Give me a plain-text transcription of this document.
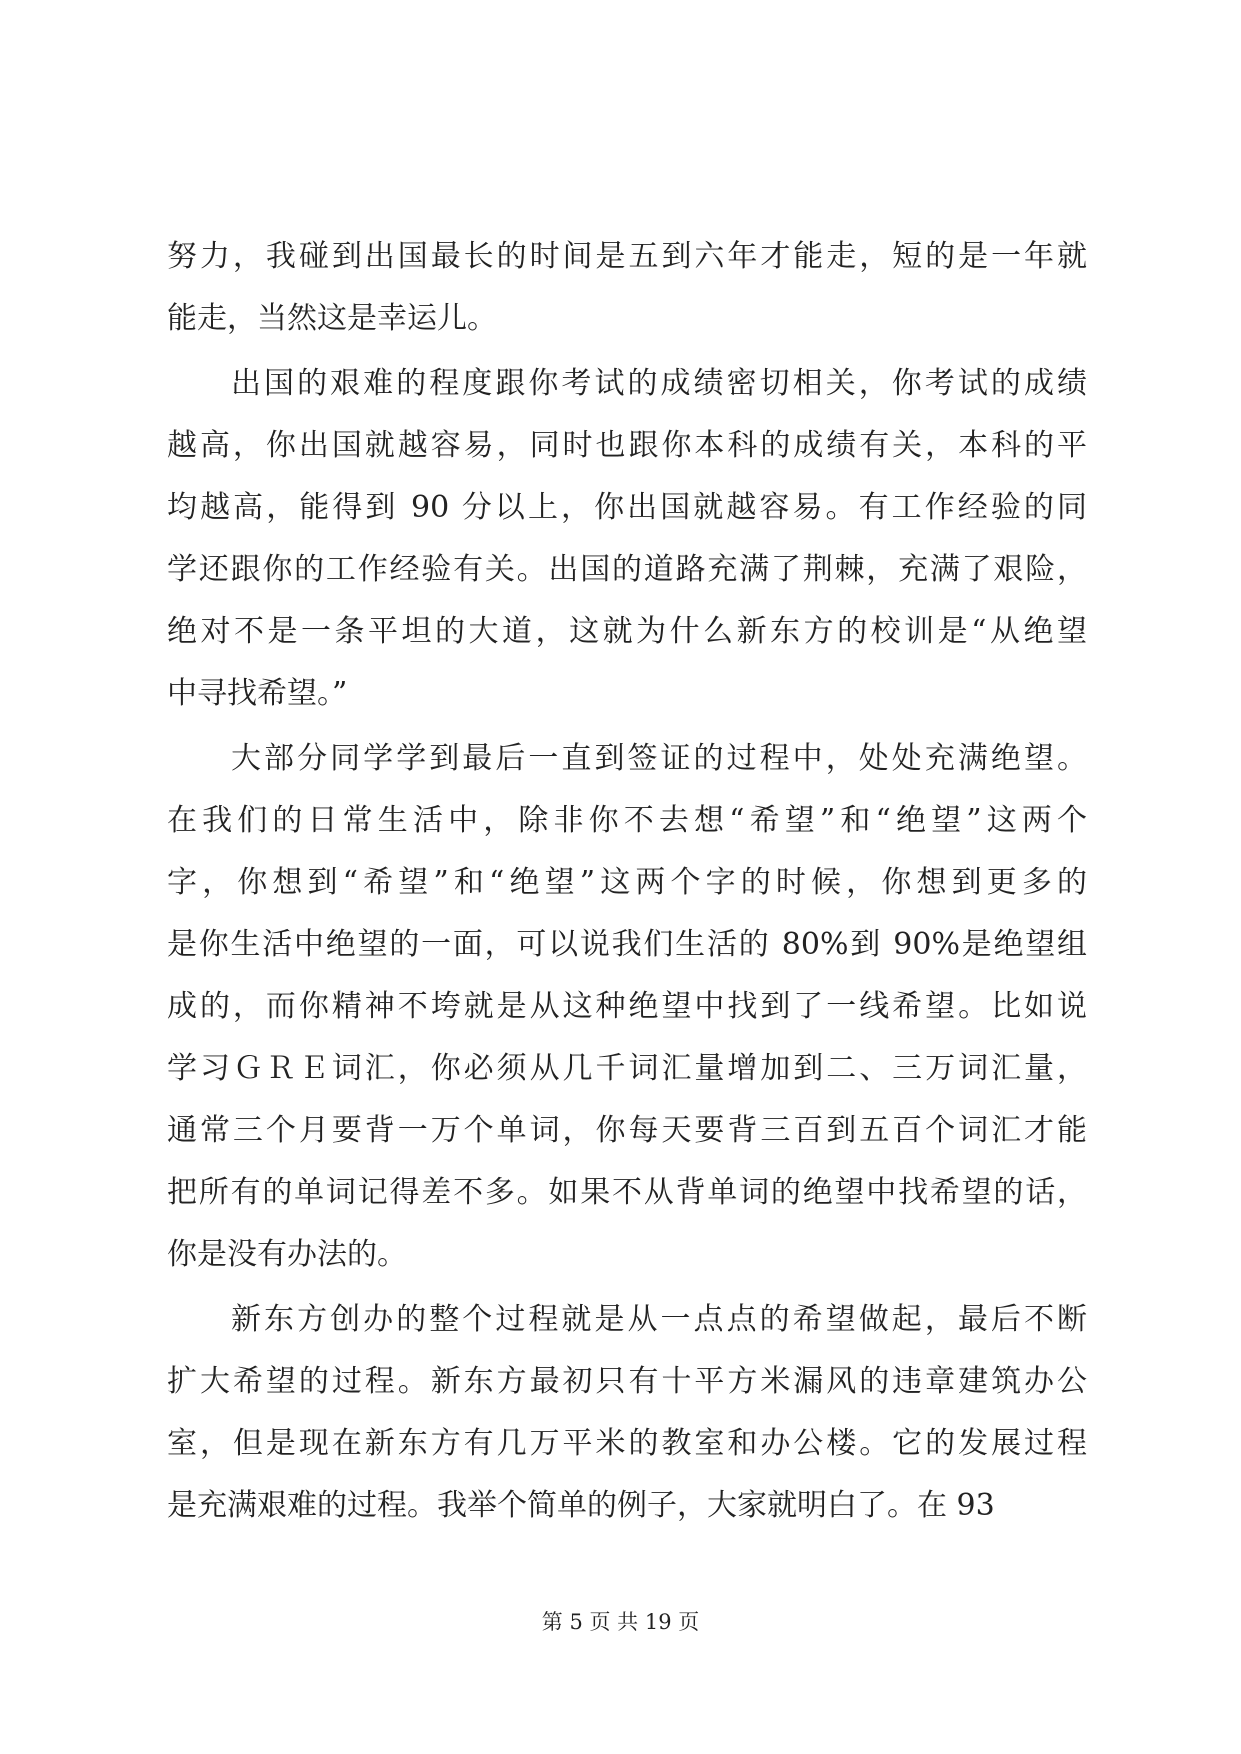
努力，我碰到出国最长的时间是五到六年才能走，短的是一年就
能走，当然这是幸运儿。
出国的艰难的程度跟你考试的成绩密切相关，你考试的成绩
越高，你出国就越容易，同时也跟你本科的成绩有关，本科的平
均越高，能得到 90 分以上，你出国就越容易。有工作经验的同
学还跟你的工作经验有关。出国的道路充满了荆棘，充满了艰险，
绝对不是一条平坦的大道，这就为什么新东方的校训是“从绝望
中寻找希望。”
大部分同学学到最后一直到签证的过程中，处处充满绝望。
在我们的日常生活中，除非你不去想“希望”和“绝望”这两个
字，你想到“希望”和“绝望”这两个字的时候，你想到更多的
是你生活中绝望的一面，可以说我们生活的 80%到 90%是绝望组
成的，而你精神不垮就是从这种绝望中找到了一线希望。比如说
学习ＧＲＥ词汇，你必须从几千词汇量增加到二、三万词汇量，
通常三个月要背一万个单词，你每天要背三百到五百个词汇才能
把所有的单词记得差不多。如果不从背单词的绝望中找希望的话，
你是没有办法的。
新东方创办的整个过程就是从一点点的希望做起，最后不断
扩大希望的过程。新东方最初只有十平方米漏风的违章建筑办公
室，但是现在新东方有几万平米的教室和办公楼。它的发展过程
是充满艰难的过程。我举个简单的例子，大家就明白了。在 93
第 5 页 共 19 页
